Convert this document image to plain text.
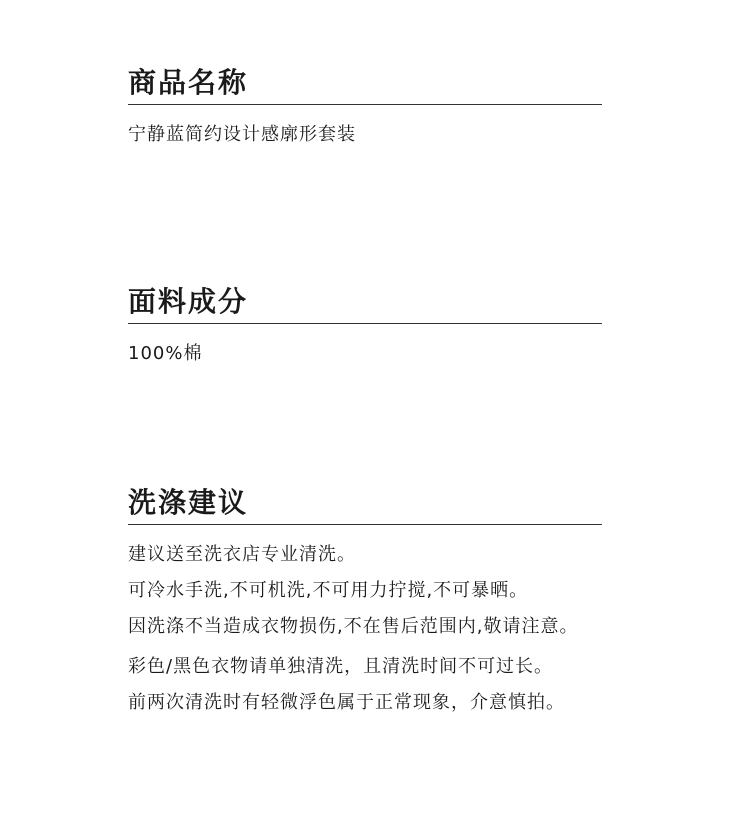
商品名称
宁静蓝简约设计感廓形套装
面料成分
100%棉
洗涤建议
建议送至洗衣店专业清洗。
可冷水手洗,不可机洗,不可用力拧搅,不可暴晒。
因洗涤不当造成衣物损伤,不在售后范围内,敬请注意。
彩色/黑色衣物请单独清洗，且清洗时间不可过长。
前两次清洗时有轻微浮色属于正常现象，介意慎拍。
